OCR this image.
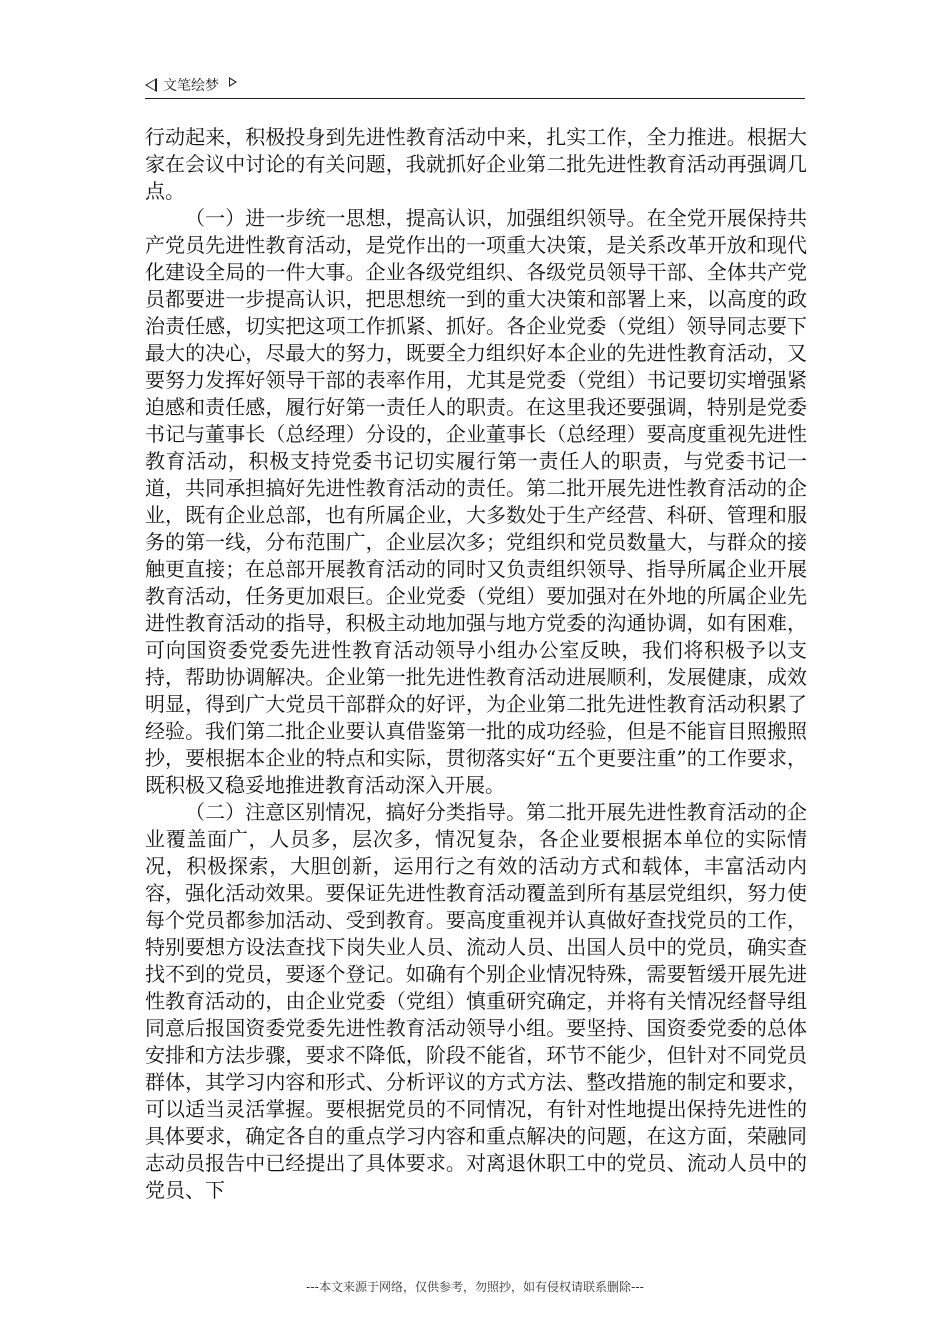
文笔绘梦

行动起来，积极投身到先进性教育活动中来，扎实工作，全力推进。根据大家在会议中讨论的有关问题，我就抓好企业第二批先进性教育活动再强调几点。

（一）进一步统一思想，提高认识，加强组织领导。在全党开展保持共产党员先进性教育活动，是党作出的一项重大决策，是关系改革开放和现代化建设全局的一件大事。企业各级党组织、各级党员领导干部、全体共产党员都要进一步提高认识，把思想统一到的重大决策和部署上来，以高度的政治责任感，切实把这项工作抓紧、抓好。各企业党委（党组）领导同志要下最大的决心，尽最大的努力，既要全力组织好本企业的先进性教育活动，又要努力发挥好领导干部的表率作用，尤其是党委（党组）书记要切实增强紧迫感和责任感，履行好第一责任人的职责。在这里我还要强调，特别是党委书记与董事长（总经理）分设的，企业董事长（总经理）要高度重视先进性教育活动，积极支持党委书记切实履行第一责任人的职责，与党委书记一道，共同承担搞好先进性教育活动的责任。第二批开展先进性教育活动的企业，既有企业总部，也有所属企业，大多数处于生产经营、科研、管理和服务的第一线，分布范围广，企业层次多；党组织和党员数量大，与群众的接触更直接；在总部开展教育活动的同时又负责组织领导、指导所属企业开展教育活动，任务更加艰巨。企业党委（党组）要加强对在外地的所属企业先进性教育活动的指导，积极主动地加强与地方党委的沟通协调，如有困难，可向国资委党委先进性教育活动领导小组办公室反映，我们将积极予以支持，帮助协调解决。企业第一批先进性教育活动进展顺利，发展健康，成效明显，得到广大党员干部群众的好评，为企业第二批先进性教育活动积累了经验。我们第二批企业要认真借鉴第一批的成功经验，但是不能盲目照搬照抄，要根据本企业的特点和实际，贯彻落实好“五个更要注重”的工作要求，既积极又稳妥地推进教育活动深入开展。

（二）注意区别情况，搞好分类指导。第二批开展先进性教育活动的企业覆盖面广，人员多，层次多，情况复杂，各企业要根据本单位的实际情况，积极探索，大胆创新，运用行之有效的活动方式和载体，丰富活动内容，强化活动效果。要保证先进性教育活动覆盖到所有基层党组织，努力使每个党员都参加活动、受到教育。要高度重视并认真做好查找党员的工作，特别要想方设法查找下岗失业人员、流动人员、出国人员中的党员，确实查找不到的党员，要逐个登记。如确有个别企业情况特殊，需要暂缓开展先进性教育活动的，由企业党委（党组）慎重研究确定，并将有关情况经督导组同意后报国资委党委先进性教育活动领导小组。要坚持、国资委党委的总体安排和方法步骤，要求不降低，阶段不能省，环节不能少，但针对不同党员群体，其学习内容和形式、分析评议的方式方法、整改措施的制定和要求，可以适当灵活掌握。要根据党员的不同情况，有针对性地提出保持先进性的具体要求，确定各自的重点学习内容和重点解决的问题，在这方面，荣融同志动员报告中已经提出了具体要求。对离退休职工中的党员、流动人员中的党员、下

---本文来源于网络，仅供参考，勿照抄，如有侵权请联系删除---
